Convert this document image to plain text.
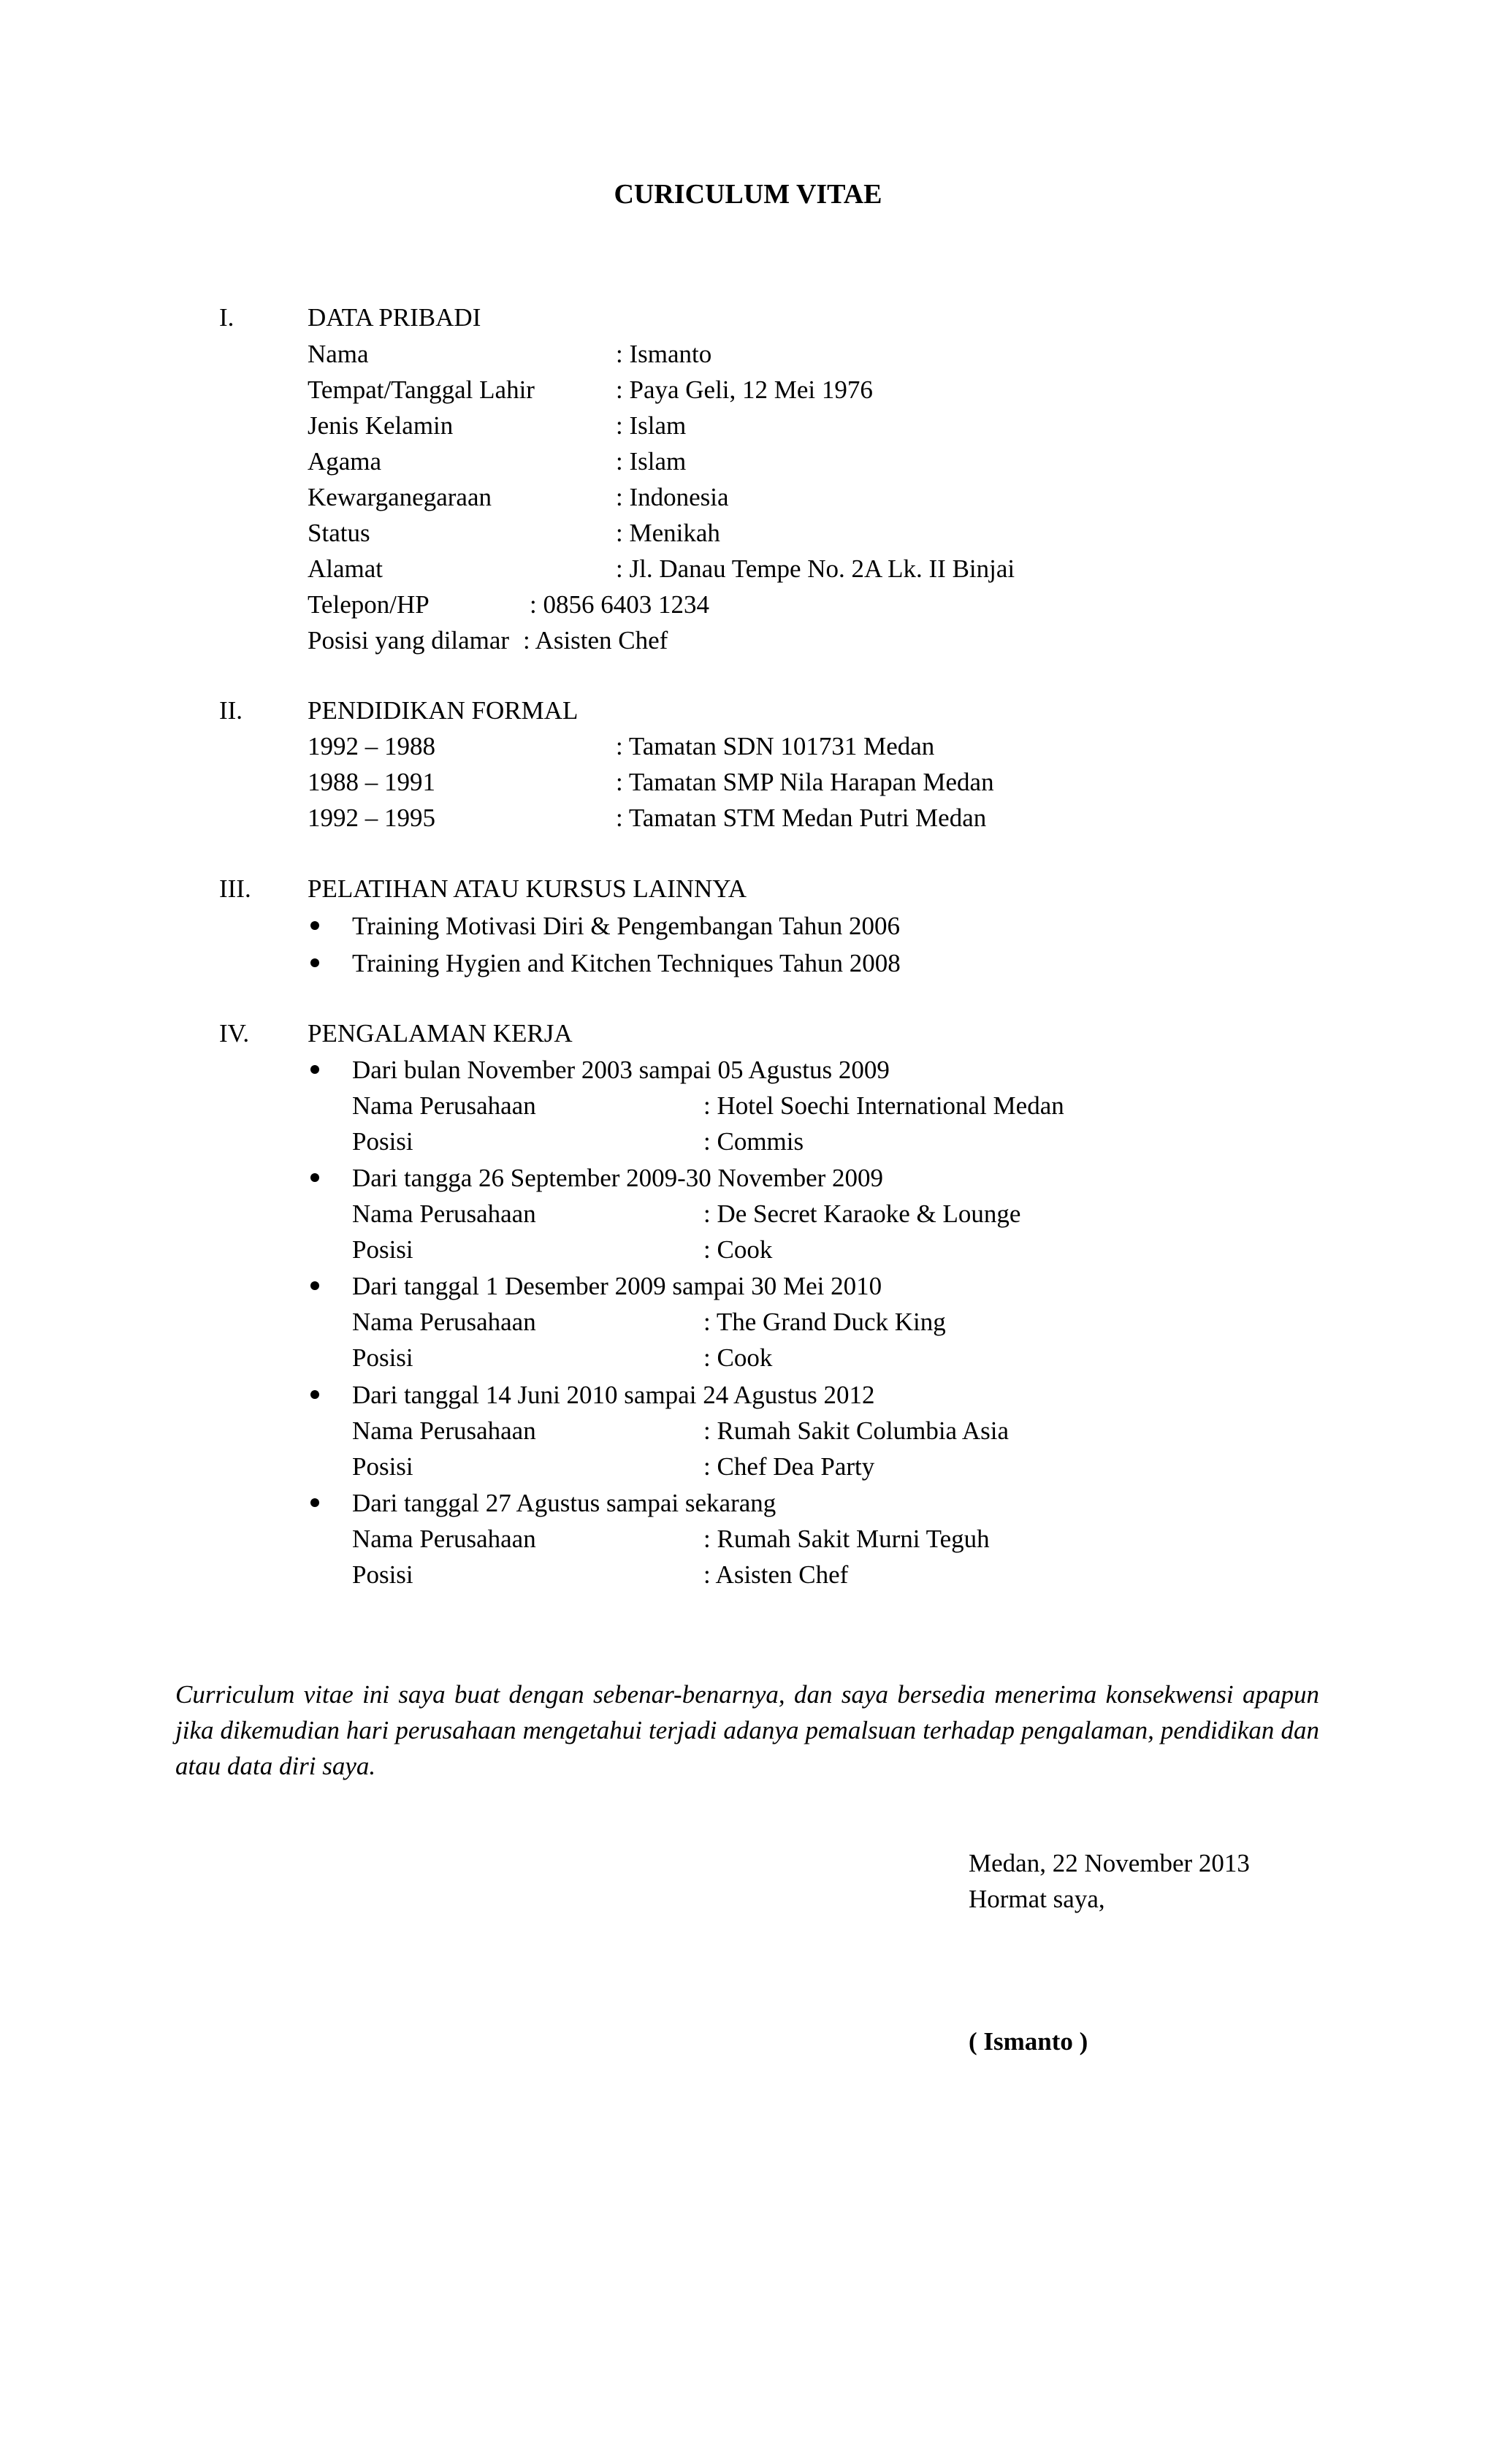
CURICULUM VITAE
I.	DATA PRIBADI
Nama	: Ismanto
Tempat/Tanggal Lahir	: Paya Geli, 12 Mei 1976
Jenis Kelamin	: Islam
Agama	: Islam
Kewarganegaraan	: Indonesia
Status	: Menikah
Alamat	: Jl. Danau Tempe No. 2A Lk. II Binjai
Telepon/HP	: 0856 6403 1234
Posisi yang dilamar : Asisten Chef
II.	PENDIDIKAN FORMAL
1992 – 1988	: Tamatan SDN 101731 Medan
1988 – 1991	: Tamatan SMP Nila Harapan Medan
1992 – 1995	: Tamatan STM Medan Putri Medan
III. PELATIHAN ATAU KURSUS LAINNYA
Training Motivasi Diri & Pengembangan Tahun 2006
Training Hygien and Kitchen Techniques Tahun 2008
IV. PENGALAMAN KERJA
Dari bulan November 2003 sampai 05 Agustus 2009
Nama Perusahaan	: Hotel Soechi International Medan
Posisi	: Commis
Dari tangga 26 September 2009-30 November 2009
Nama Perusahaan	: De Secret Karaoke & Lounge
Posisi	: Cook
Dari tanggal 1 Desember 2009 sampai 30 Mei 2010
Nama Perusahaan	: The Grand Duck King
Posisi	: Cook
Dari tanggal 14 Juni 2010 sampai 24 Agustus 2012
Nama Perusahaan	: Rumah Sakit Columbia Asia
Posisi	: Chef Dea Party
Dari tanggal 27 Agustus sampai sekarang
Nama Perusahaan	: Rumah Sakit Murni Teguh
Posisi	: Asisten Chef
Curriculum vitae ini saya buat dengan sebenar-benarnya, dan saya bersedia menerima konsekwensi apapun jika dikemudian hari perusahaan mengetahui terjadi adanya pemalsuan terhadap pengalaman, pendidikan dan atau data diri saya.
Medan, 22 November 2013
Hormat saya,
( Ismanto )
